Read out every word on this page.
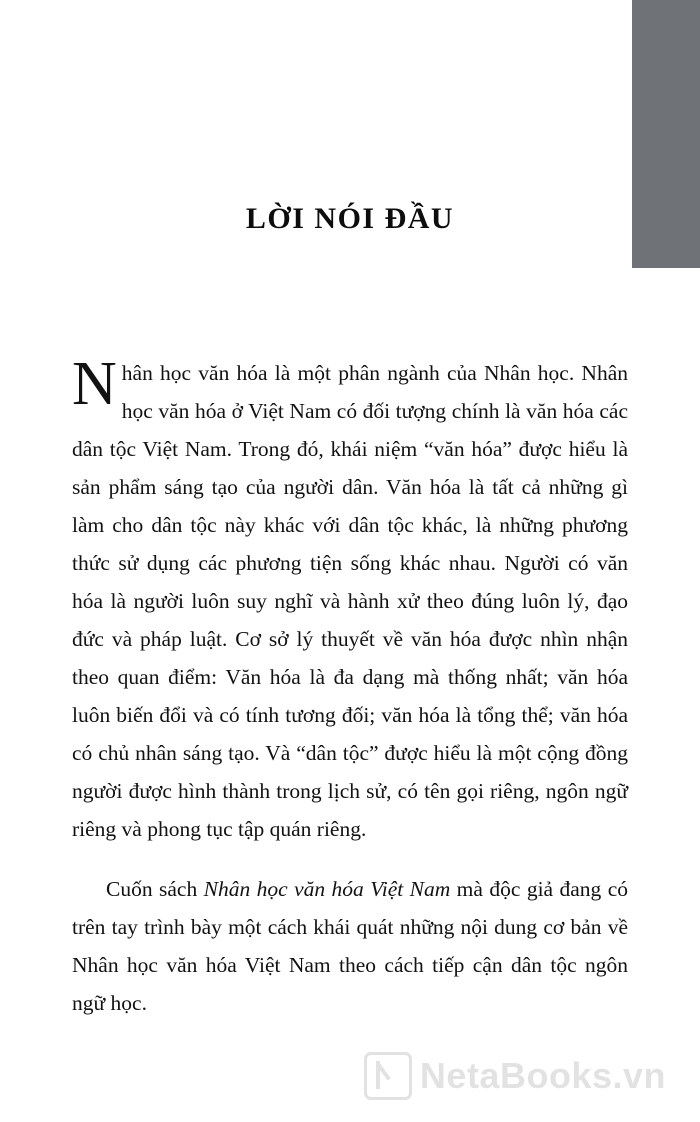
LỜI NÓI ĐẦU

Nhân học văn hóa là một phân ngành của Nhân học. Nhân học văn hóa ở Việt Nam có đối tượng chính là văn hóa các dân tộc Việt Nam. Trong đó, khái niệm “văn hóa” được hiểu là sản phẩm sáng tạo của người dân. Văn hóa là tất cả những gì làm cho dân tộc này khác với dân tộc khác, là những phương thức sử dụng các phương tiện sống khác nhau. Người có văn hóa là người luôn suy nghĩ và hành xử theo đúng luôn lý, đạo đức và pháp luật. Cơ sở lý thuyết về văn hóa được nhìn nhận theo quan điểm: Văn hóa là đa dạng mà thống nhất; văn hóa luôn biến đổi và có tính tương đối; văn hóa là tổng thể; văn hóa có chủ nhân sáng tạo. Và “dân tộc” được hiểu là một cộng đồng người được hình thành trong lịch sử, có tên gọi riêng, ngôn ngữ riêng và phong tục tập quán riêng.

Cuốn sách Nhân học văn hóa Việt Nam mà độc giả đang có trên tay trình bày một cách khái quát những nội dung cơ bản về Nhân học văn hóa Việt Nam theo cách tiếp cận dân tộc ngôn ngữ học.

NetaBooks.vn
